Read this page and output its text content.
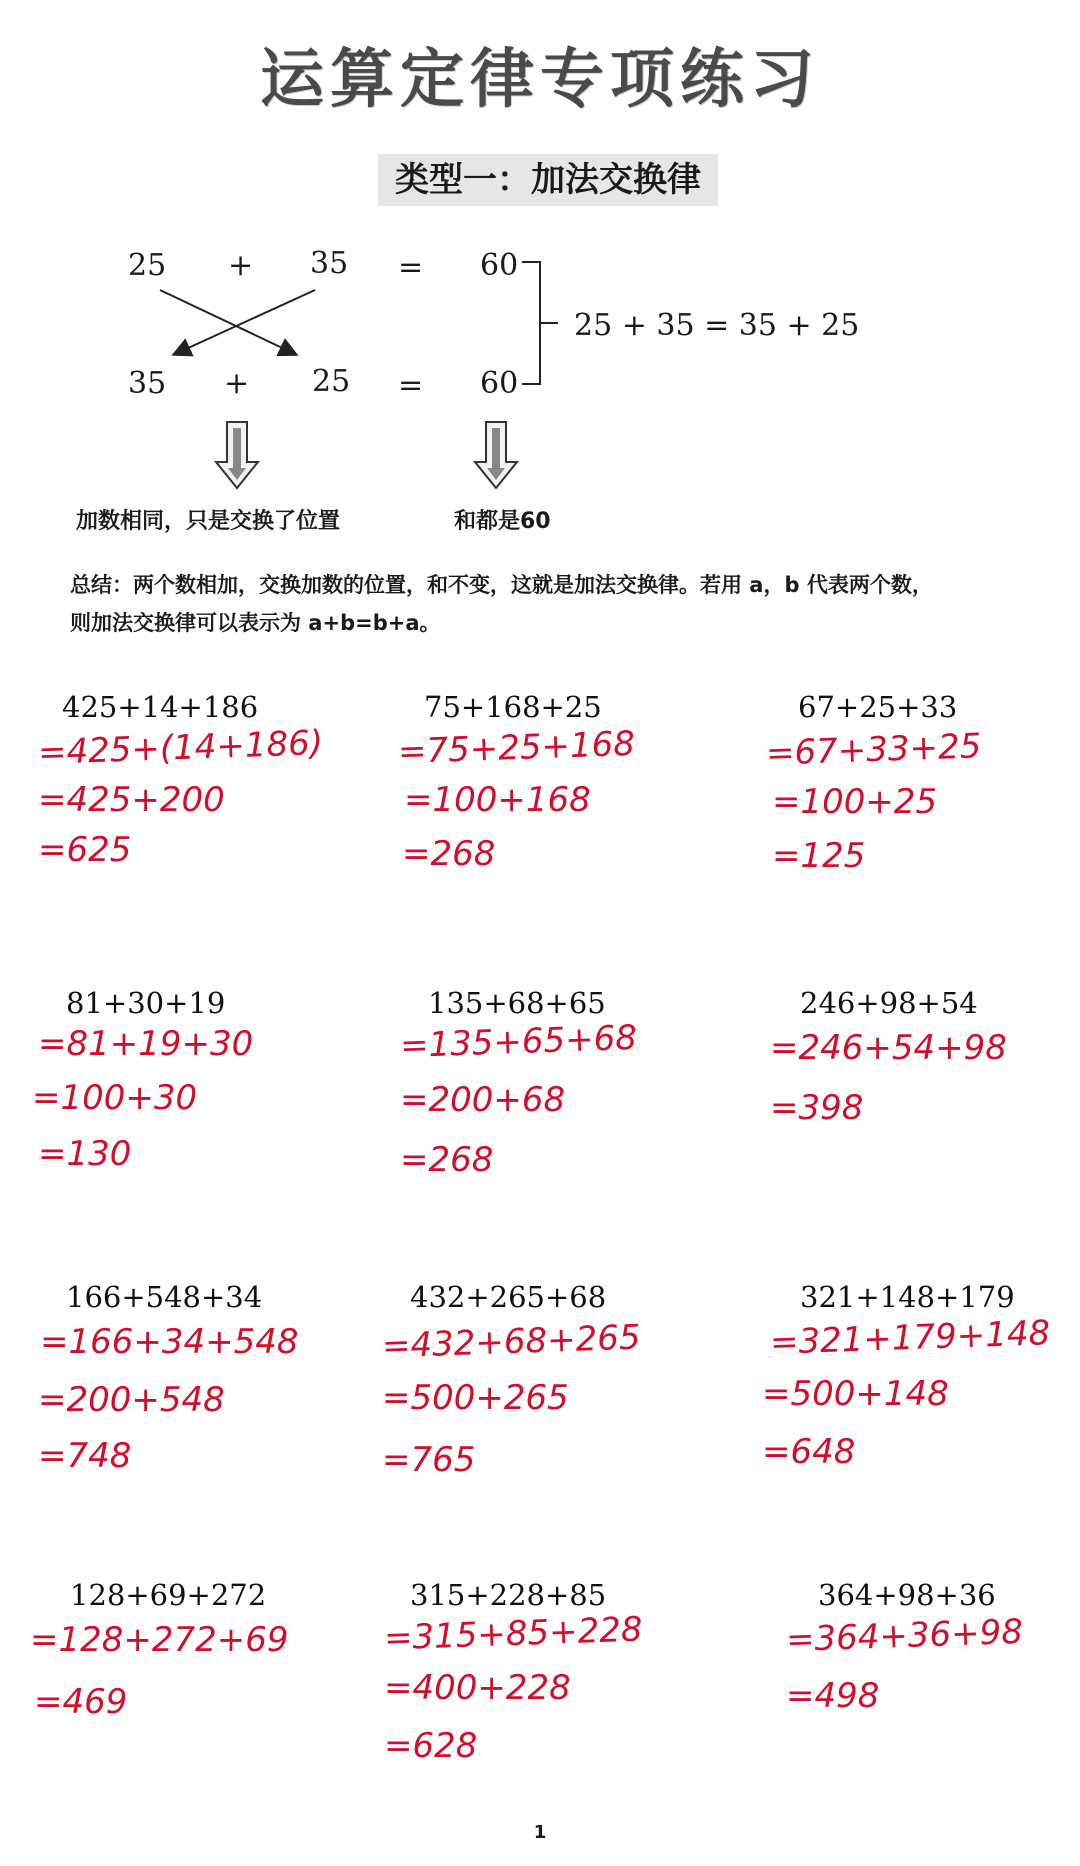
运算定律专项练习
类型一：加法交换律
25 + 35 = 60
35 + 25 = 60
25 + 35 = 35 + 25
加数相同，只是交换了位置	和都是60
总结：两个数相加，交换加数的位置，和不变，这就是加法交换律。若用 a，b 代表两个数，
则加法交换律可以表示为 a+b=b+a。
425+14+186
=425+(14+186)
=425+200
=625
75+168+25
=75+25+168
=100+168
=268
67+25+33
=67+33+25
=100+25
=125
81+30+19
=81+19+30
=100+30
=130
135+68+65
=135+65+68
=200+68
=268
246+98+54
=246+54+98
=398
166+548+34
=166+34+548
=200+548
=748
432+265+68
=432+68+265
=500+265
=765
321+148+179
=321+179+148
=500+148
=648
128+69+272
=128+272+69
=469
315+228+85
=315+85+228
=400+228
=628
364+98+36
=364+36+98
=498
1
